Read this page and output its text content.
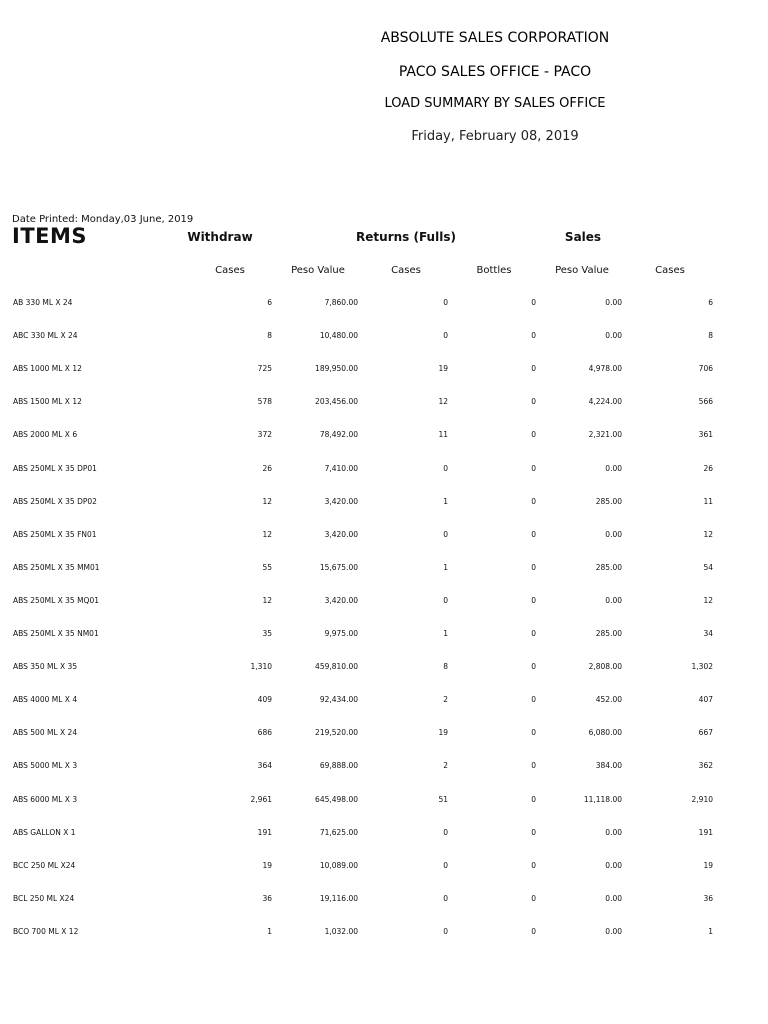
ABSOLUTE SALES CORPORATION
PACO SALES OFFICE - PACO
LOAD SUMMARY BY SALES OFFICE
Friday, February 08, 2019
Date Printed: Monday,03 June, 2019
ITEMS	Withdraw	Returns (Fulls)	Sales
Cases	Peso Value	Cases	Bottles	Peso Value	Cases
AB 330 ML X 24	6	7,860.00	0	0	0.00	6
ABC 330 ML X 24	8	10,480.00	0	0	0.00	8
ABS 1000 ML X 12	725	189,950.00	19	0	4,978.00	706
ABS 1500 ML X 12	578	203,456.00	12	0	4,224.00	566
ABS 2000 ML X 6	372	78,492.00	11	0	2,321.00	361
ABS 250ML X 35 DP01	26	7,410.00	0	0	0.00	26
ABS 250ML X 35 DP02	12	3,420.00	1	0	285.00	11
ABS 250ML X 35 FN01	12	3,420.00	0	0	0.00	12
ABS 250ML X 35 MM01	55	15,675.00	1	0	285.00	54
ABS 250ML X 35 MQ01	12	3,420.00	0	0	0.00	12
ABS 250ML X 35 NM01	35	9,975.00	1	0	285.00	34
ABS 350 ML X 35	1,310	459,810.00	8	0	2,808.00	1,302
ABS 4000 ML X 4	409	92,434.00	2	0	452.00	407
ABS 500 ML X 24	686	219,520.00	19	0	6,080.00	667
ABS 5000 ML X 3	364	69,888.00	2	0	384.00	362
ABS 6000 ML X 3	2,961	645,498.00	51	0	11,118.00	2,910
ABS GALLON X 1	191	71,625.00	0	0	0.00	191
BCC 250 ML X24	19	10,089.00	0	0	0.00	19
BCL 250 ML X24	36	19,116.00	0	0	0.00	36
BCO 700 ML X 12	1	1,032.00	0	0	0.00	1
